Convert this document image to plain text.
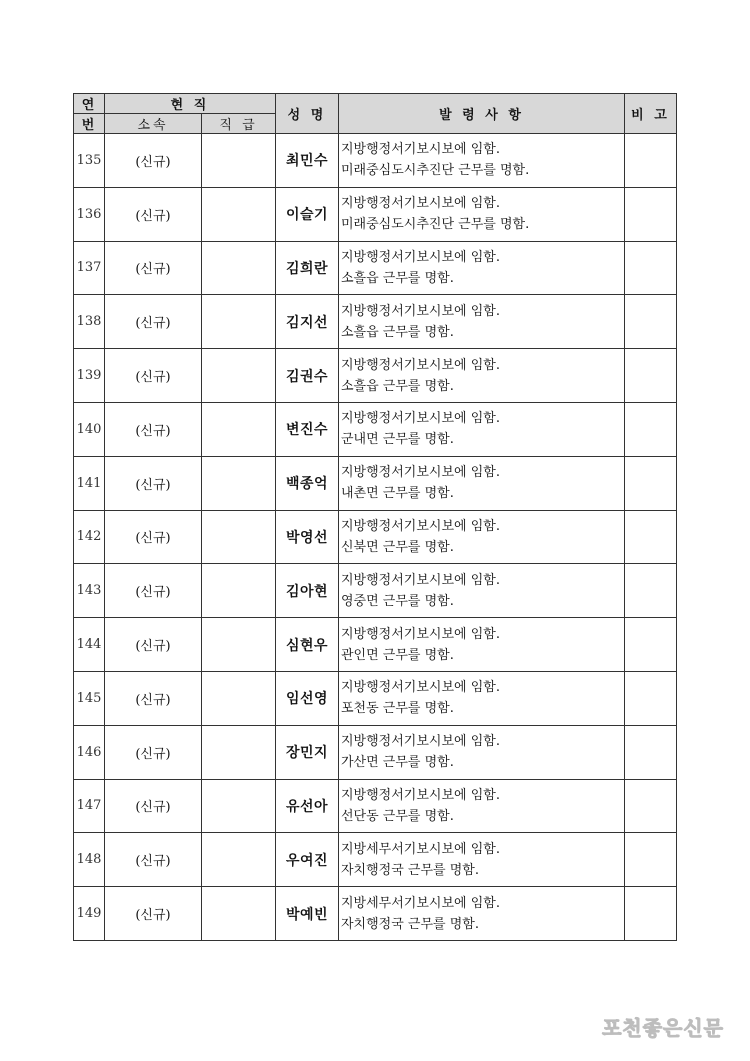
연	현 직		성 명	발 령 사 항	비 고
번	소속	직 급			
135	(신규)		최민수	지방행정서기보시보에 임함.
미래중심도시추진단 근무를 명함.	

136	(신규)		이슬기	지방행정서기보시보에 임함.
미래중심도시추진단 근무를 명함.	

137	(신규)		김희란	지방행정서기보시보에 임함.
소흘읍 근무를 명함.	

138	(신규)		김지선	지방행정서기보시보에 임함.
소흘읍 근무를 명함.	

139	(신규)		김권수	지방행정서기보시보에 임함.
소흘읍 근무를 명함.	

140	(신규)		변진수	지방행정서기보시보에 임함.
군내면 근무를 명함.	

141	(신규)		백종억	지방행정서기보시보에 임함.
내촌면 근무를 명함.	

142	(신규)		박영선	지방행정서기보시보에 임함.
신북면 근무를 명함.	

143	(신규)		김아현	지방행정서기보시보에 임함.
영중면 근무를 명함.	

144	(신규)		심현우	지방행정서기보시보에 임함.
관인면 근무를 명함.	

145	(신규)		임선영	지방행정서기보시보에 임함.
포천동 근무를 명함.	

146	(신규)		장민지	지방행정서기보시보에 임함.
가산면 근무를 명함.	

147	(신규)		유선아	지방행정서기보시보에 임함.
선단동 근무를 명함.	

148	(신규)		우여진	지방세무서기보시보에 임함.
자치행정국 근무를 명함.	

149	(신규)		박예빈	지방세무서기보시보에 임함.
자치행정국 근무를 명함.	

포천좋은신문
